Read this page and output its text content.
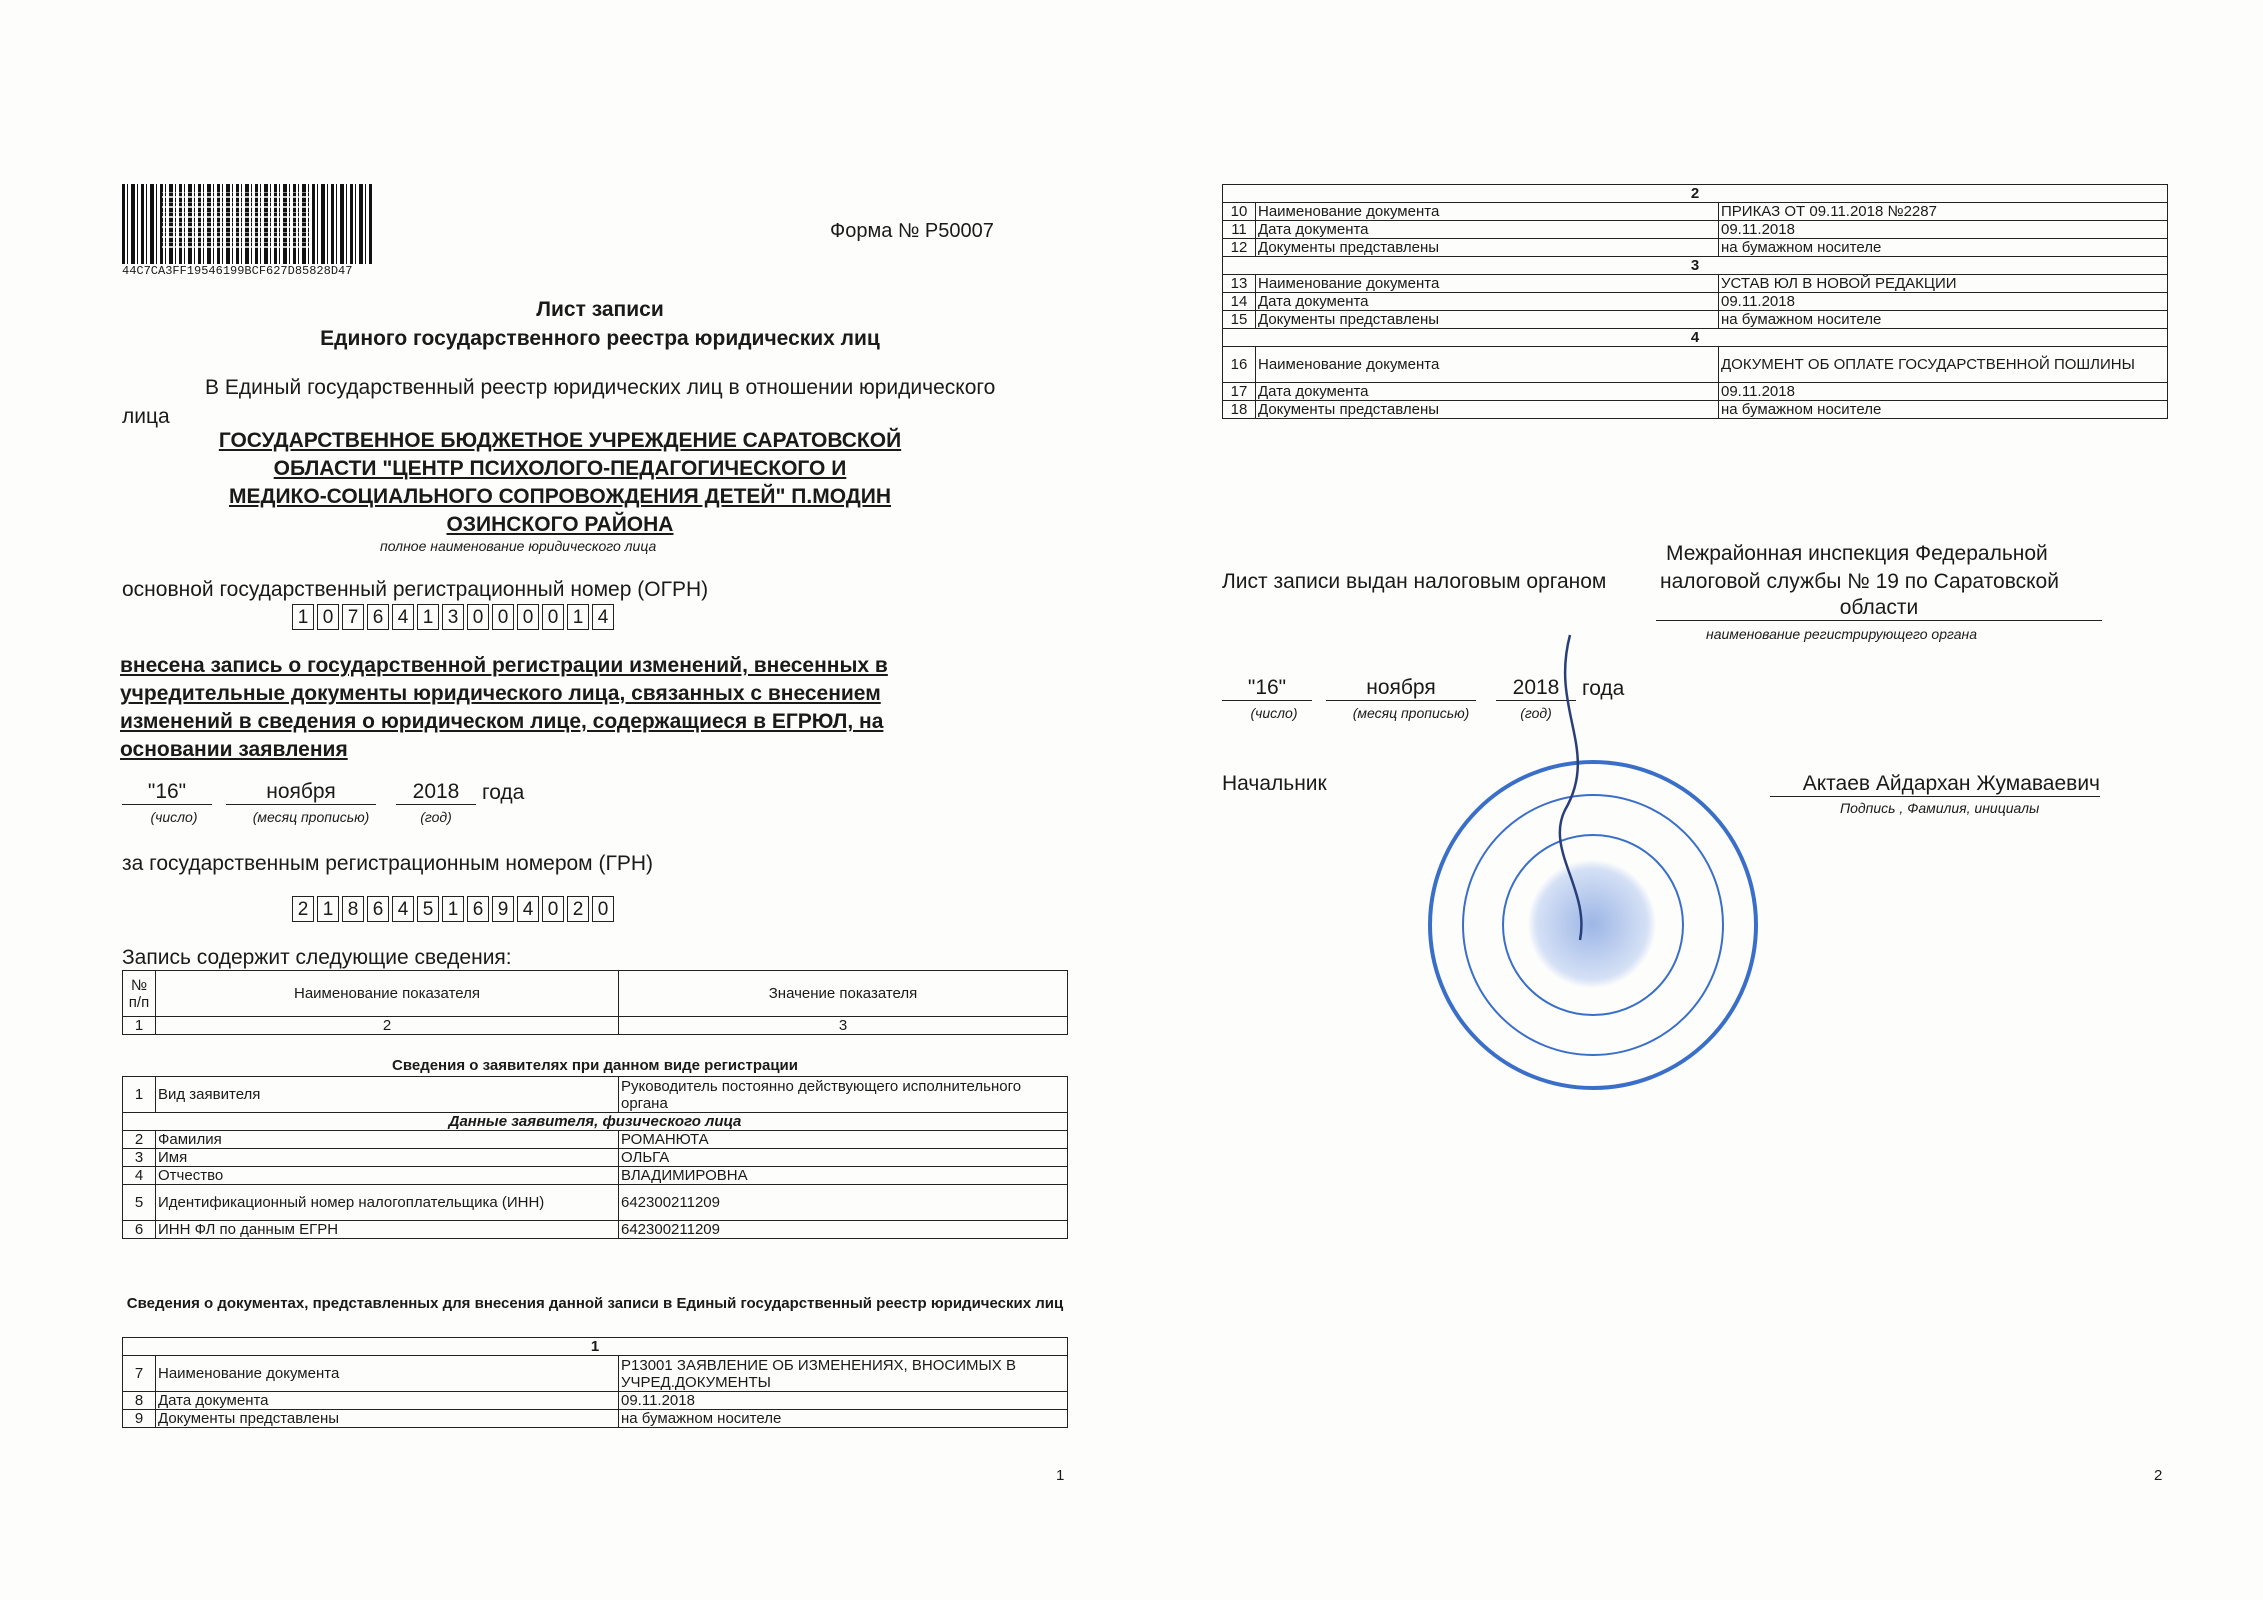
44C7CA3FF19546199BCF627D85828D47
Форма № Р50007
Лист записи
Единого государственного реестра юридических лиц
В Единый государственный реестр юридических лиц в отношении юридического
лица
ГОСУДАРСТВЕННОЕ БЮДЖЕТНОЕ УЧРЕЖДЕНИЕ САРАТОВСКОЙ
ОБЛАСТИ "ЦЕНТР ПСИХОЛОГО-ПЕДАГОГИЧЕСКОГО И
МЕДИКО-СОЦИАЛЬНОГО СОПРОВОЖДЕНИЯ ДЕТЕЙ" П.МОДИН
ОЗИНСКОГО РАЙОНА
полное наименование юридического лица
основной государственный регистрационный номер (ОГРН)
1 0 7 6 4 1 3 0 0 0 0 1 4
внесена запись о государственной регистрации изменений, внесенных в
учредительные документы юридического лица, связанных с внесением
изменений в сведения о юридическом лице, содержащиеся в ЕГРЮЛ, на
основании заявления
"16"	ноября	2018	года
(число)	(месяц прописью)	(год)
за государственным регистрационным номером (ГРН)
2 1 8 6 4 5 1 6 9 4 0 2 0
Запись содержит следующие сведения:
№ п/п	Наименование показателя	Значение показателя
1	2	3
Сведения о заявителях при данном виде регистрации
1	Вид заявителя	Руководитель постоянно действующего исполнительного органа
Данные заявителя, физического лица		
2	Фамилия	РОМАНЮТА
3	Имя	ОЛЬГА
4	Отчество	ВЛАДИМИРОВНА
5	Идентификационный номер налогоплательщика (ИНН)	642300211209
6	ИНН ФЛ по данным ЕГРН	642300211209
Сведения о документах, представленных для внесения данной записи в Единый государственный реестр юридических лиц
1		
7	Наименование документа	Р13001 ЗАЯВЛЕНИЕ ОБ ИЗМЕНЕНИЯХ, ВНОСИМЫХ В УЧРЕД.ДОКУМЕНТЫ
8	Дата документа	09.11.2018
9	Документы представлены	на бумажном носителе
1
2		
10	Наименование документа	ПРИКАЗ ОТ 09.11.2018 №2287
11	Дата документа	09.11.2018
12	Документы представлены	на бумажном носителе
3		
13	Наименование документа	УСТАВ ЮЛ В НОВОЙ РЕДАКЦИИ
14	Дата документа	09.11.2018
15	Документы представлены	на бумажном носителе
4		
16	Наименование документа	ДОКУМЕНТ ОБ ОПЛАТЕ ГОСУДАРСТВЕННОЙ ПОШЛИНЫ
17	Дата документа	09.11.2018
18	Документы представлены	на бумажном носителе
Межрайонная инспекция Федеральной
Лист записи выдан налоговым органом	налоговой службы № 19 по Саратовской
области
наименование регистрирующего органа
"16"	ноября	2018	года
(число)	(месяц прописью)	(год)
Начальник	Актаев Айдархан Жумаваевич
Подпись , Фамилия, инициалы
2
